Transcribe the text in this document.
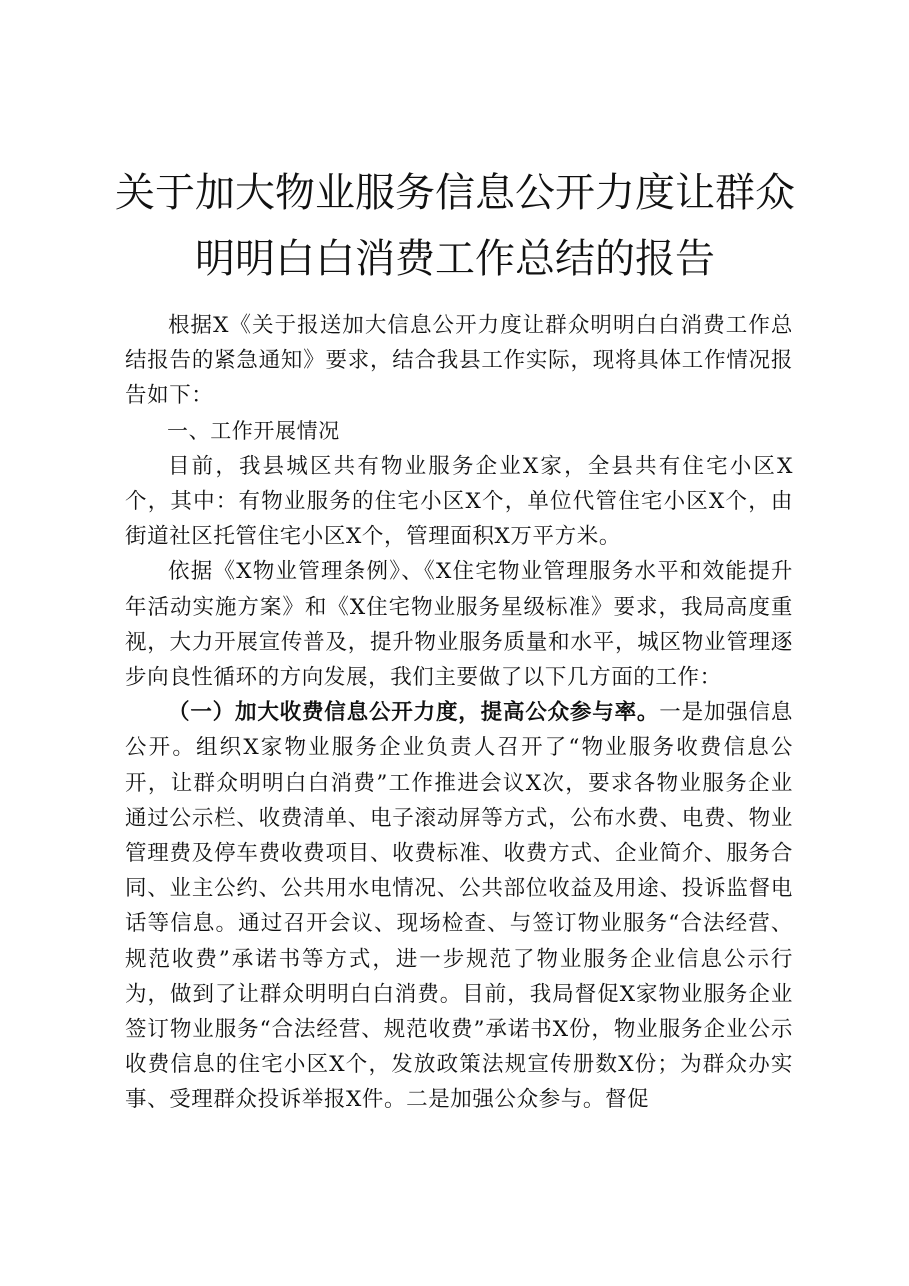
关于加大物业服务信息公开力度让群众明明白白消费工作总结的报告

根据X《关于报送加大信息公开力度让群众明明白白消费工作总结报告的紧急通知》要求，结合我县工作实际，现将具体工作情况报告如下：

一、工作开展情况

目前，我县城区共有物业服务企业X家，全县共有住宅小区X个，其中：有物业服务的住宅小区X个，单位代管住宅小区X个，由街道社区托管住宅小区X个，管理面积X万平方米。

依据《X物业管理条例》、《X住宅物业管理服务水平和效能提升年活动实施方案》和《X住宅物业服务星级标准》要求，我局高度重视，大力开展宣传普及，提升物业服务质量和水平，城区物业管理逐步向良性循环的方向发展，我们主要做了以下几方面的工作：

（一）加大收费信息公开力度，提高公众参与率。一是加强信息公开。组织X家物业服务企业负责人召开了“物业服务收费信息公开，让群众明明白白消费”工作推进会议X次，要求各物业服务企业通过公示栏、收费清单、电子滚动屏等方式，公布水费、电费、物业管理费及停车费收费项目、收费标准、收费方式、企业简介、服务合同、业主公约、公共用水电情况、公共部位收益及用途、投诉监督电话等信息。通过召开会议、现场检查、与签订物业服务“合法经营、规范收费”承诺书等方式，进一步规范了物业服务企业信息公示行为，做到了让群众明明白白消费。目前，我局督促X家物业服务企业签订物业服务“合法经营、规范收费”承诺书X份，物业服务企业公示收费信息的住宅小区X个，发放政策法规宣传册数X份；为群众办实事、受理群众投诉举报X件。二是加强公众参与。督促
